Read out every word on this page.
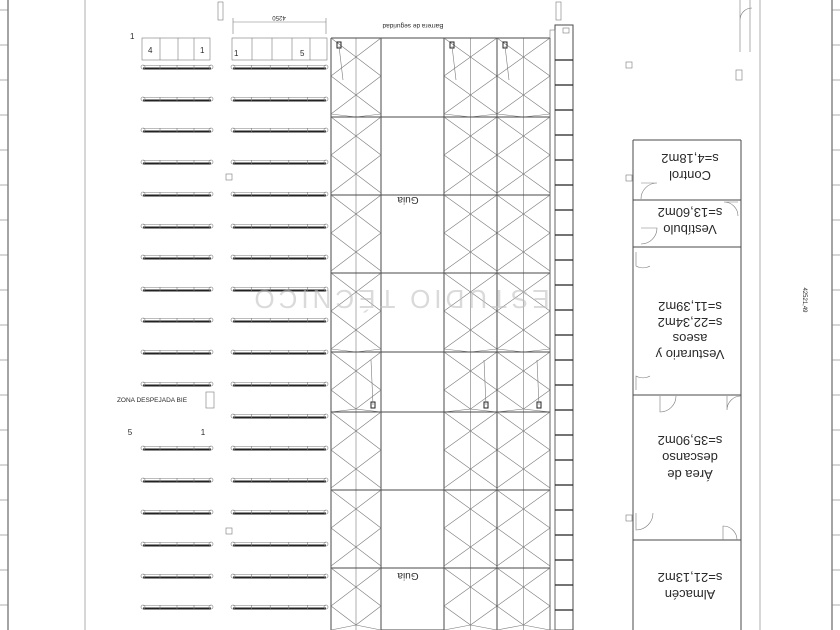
4	1
1
1	5
4250
ZONA DESPEJADA BIE
5	1
Barrera de seguridad
Guia
Guia
Control
s=4,18m2
Vestíbulo
s=13,60m2
Vesturario y
aseos
s=22,34m2
s=11,39m2
Área de
descanso
s=35,90m2
Almacén
s=21,13m2
42521,49
ESTUDIO TÉCNICO
